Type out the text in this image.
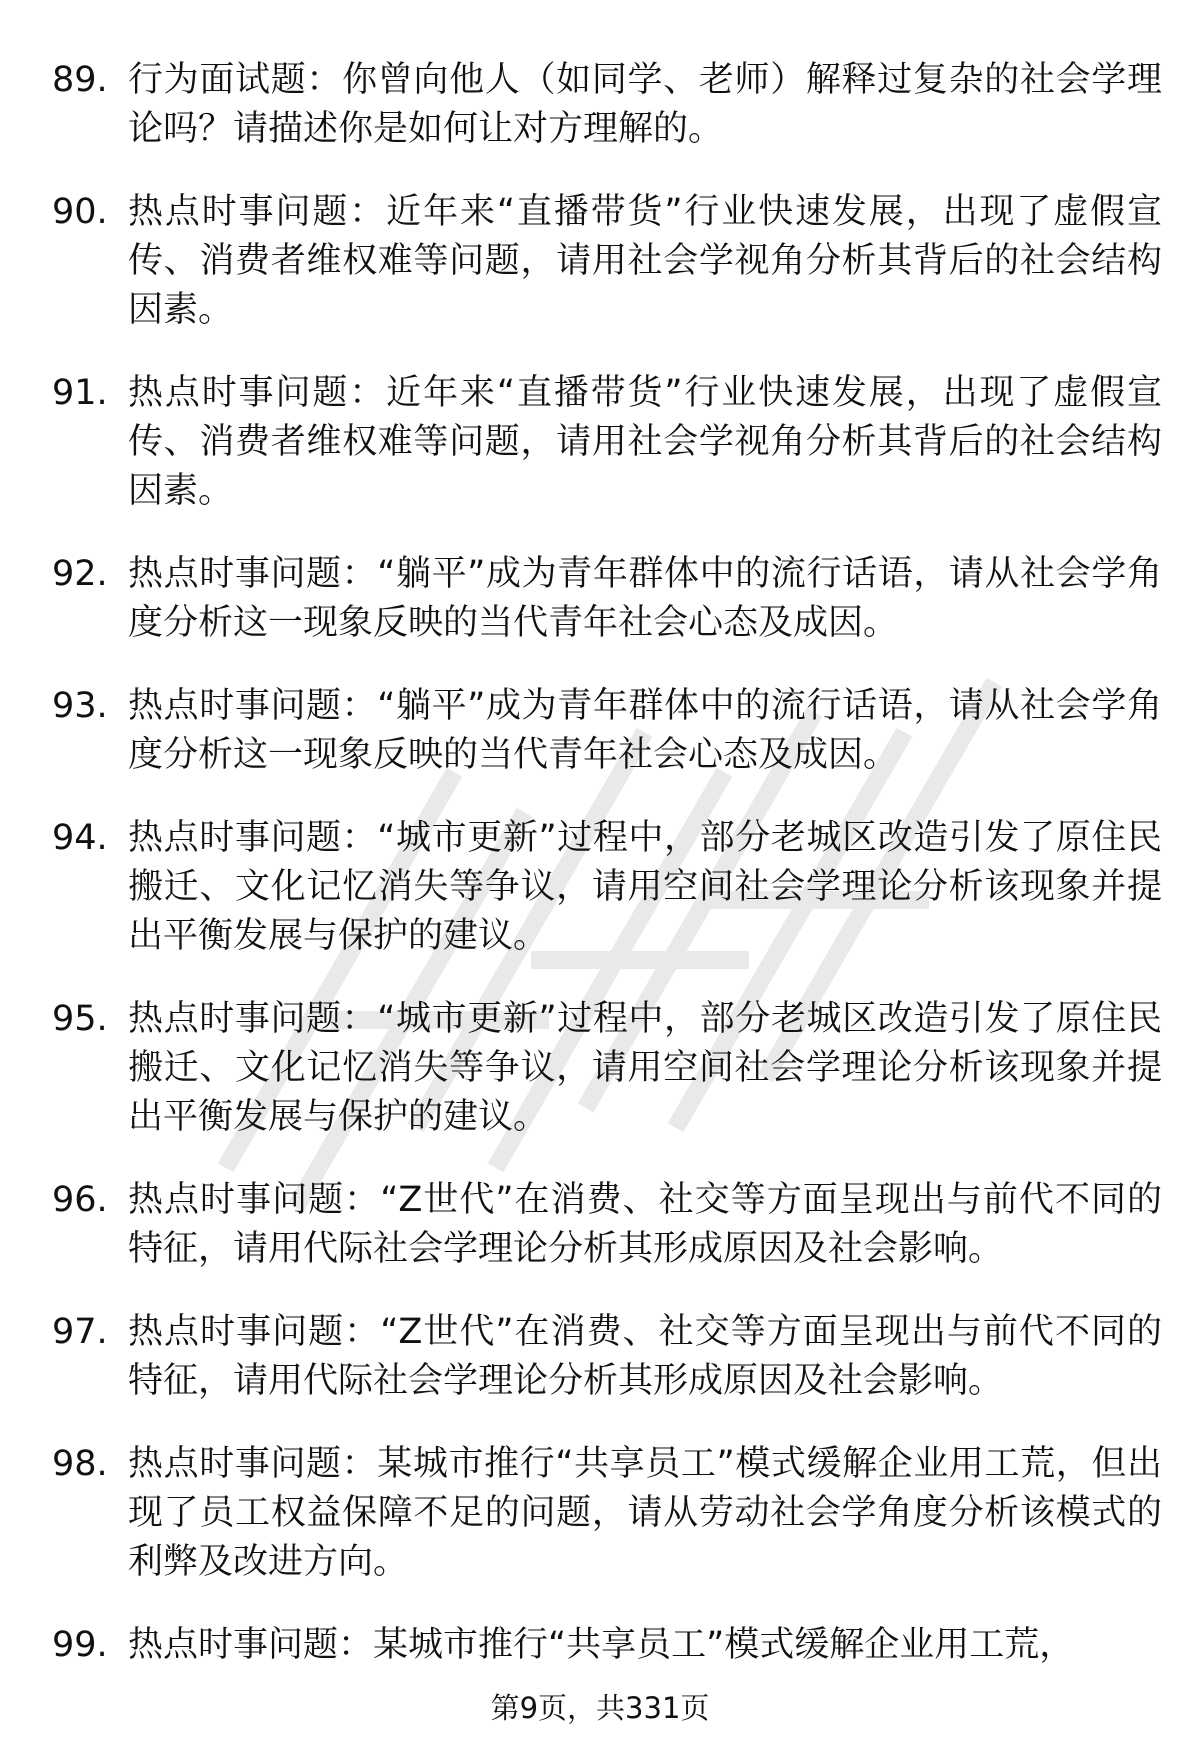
89. 行为面试题：你曾向他人（如同学、老师）解释过复杂的社会学理论吗？请描述你是如何让对方理解的。
90. 热点时事问题：近年来“直播带货”行业快速发展，出现了虚假宣传、消费者维权难等问题，请用社会学视角分析其背后的社会结构因素。
91. 热点时事问题：近年来“直播带货”行业快速发展，出现了虚假宣传、消费者维权难等问题，请用社会学视角分析其背后的社会结构因素。
92. 热点时事问题：“躺平”成为青年群体中的流行话语，请从社会学角度分析这一现象反映的当代青年社会心态及成因。
93. 热点时事问题：“躺平”成为青年群体中的流行话语，请从社会学角度分析这一现象反映的当代青年社会心态及成因。
94. 热点时事问题：“城市更新”过程中，部分老城区改造引发了原住民搬迁、文化记忆消失等争议，请用空间社会学理论分析该现象并提出平衡发展与保护的建议。
95. 热点时事问题：“城市更新”过程中，部分老城区改造引发了原住民搬迁、文化记忆消失等争议，请用空间社会学理论分析该现象并提出平衡发展与保护的建议。
96. 热点时事问题：“Z世代”在消费、社交等方面呈现出与前代不同的特征，请用代际社会学理论分析其形成原因及社会影响。
97. 热点时事问题：“Z世代”在消费、社交等方面呈现出与前代不同的特征，请用代际社会学理论分析其形成原因及社会影响。
98. 热点时事问题：某城市推行“共享员工”模式缓解企业用工荒，但出现了员工权益保障不足的问题，请从劳动社会学角度分析该模式的利弊及改进方向。
99. 热点时事问题：某城市推行“共享员工”模式缓解企业用工荒，
第9页，共331页
